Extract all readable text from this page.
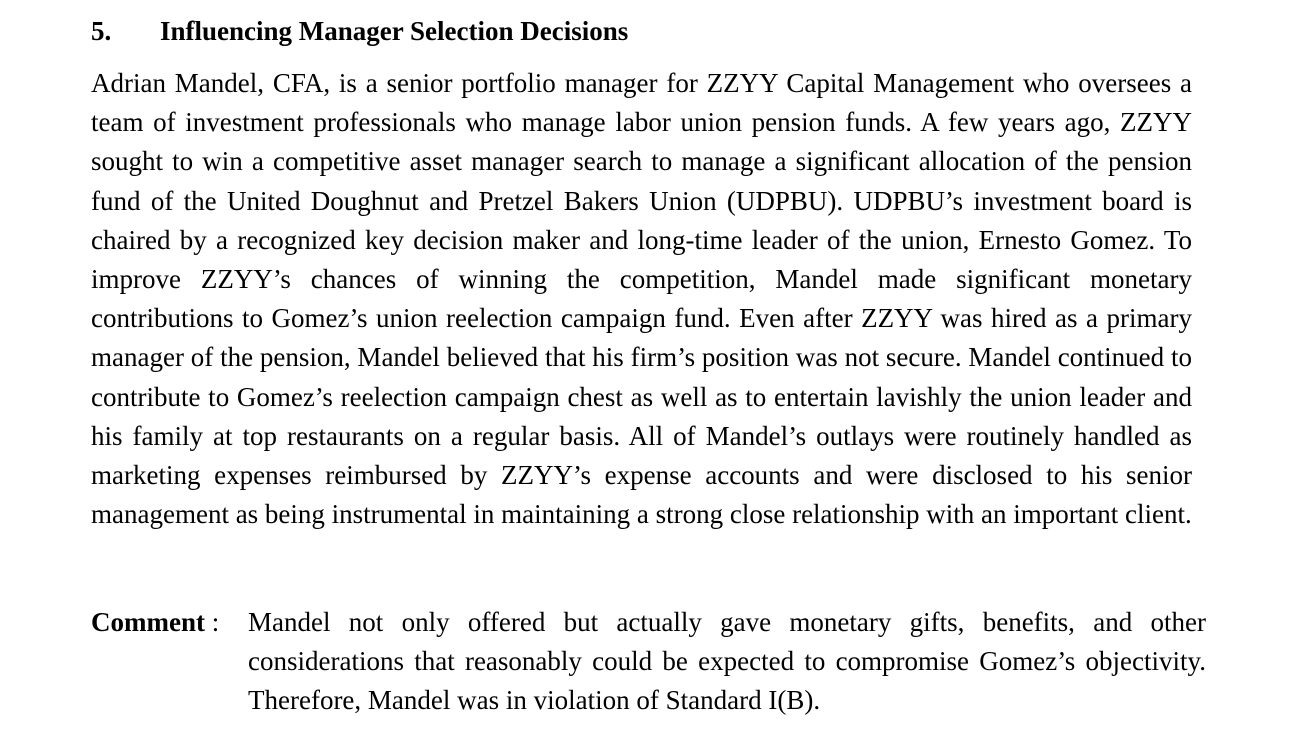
5. Influencing Manager Selection Decisions

Adrian Mandel, CFA, is a senior portfolio manager for ZZYY Capital Management who oversees a team of investment professionals who manage labor union pension funds. A few years ago, ZZYY sought to win a competitive asset manager search to manage a significant allocation of the pension fund of the United Doughnut and Pretzel Bakers Union (UDPBU). UDPBU’s investment board is chaired by a recognized key decision maker and long-time leader of the union, Ernesto Gomez. To improve ZZYY’s chances of winning the competition, Mandel made significant monetary contributions to Gomez’s union reelection campaign fund. Even after ZZYY was hired as a primary manager of the pension, Mandel believed that his firm’s position was not secure. Mandel continued to contribute to Gomez’s reelection campaign chest as well as to entertain lavishly the union leader and his family at top restaurants on a regular basis. All of Mandel’s outlays were routinely handled as marketing expenses reimbursed by ZZYY’s expense accounts and were disclosed to his senior management as being instrumental in maintaining a strong close relationship with an important client.

Comment : Mandel not only offered but actually gave monetary gifts, benefits, and other considerations that reasonably could be expected to compromise Gomez’s objectivity. Therefore, Mandel was in violation of Standard I(B).
